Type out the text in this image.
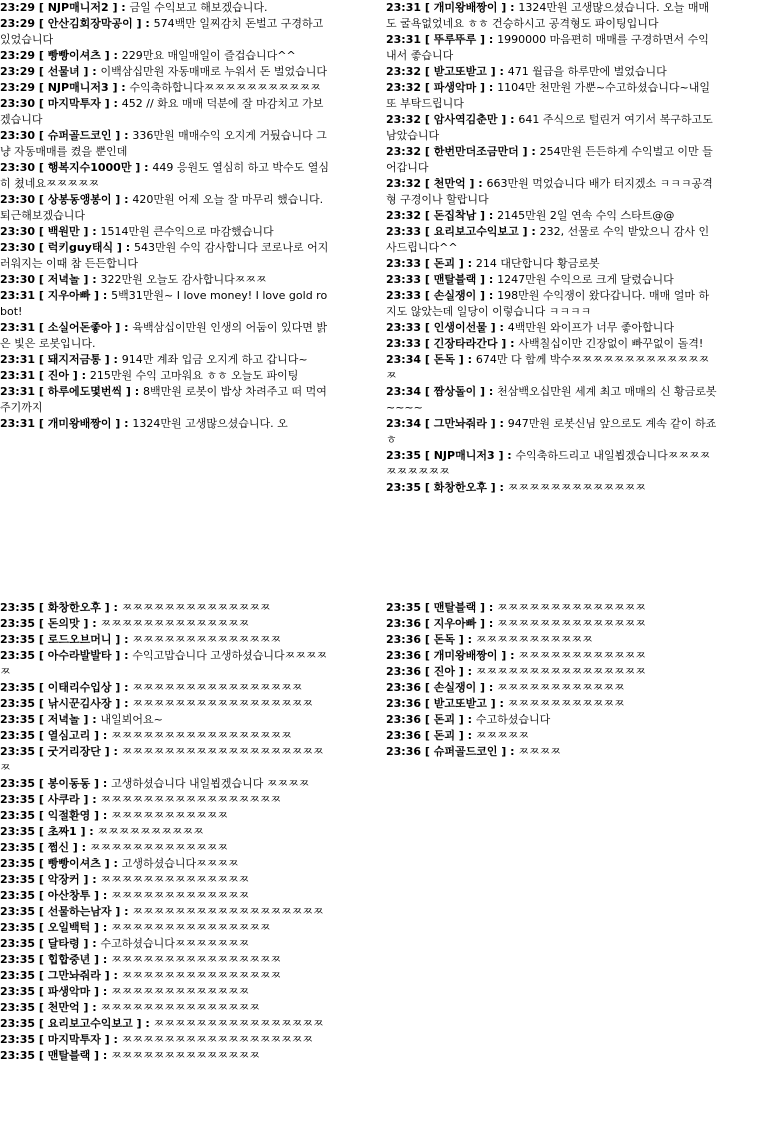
23:29 [ NJP매니저2 ] : 금일 수익보고 해보겠습니다.

23:29 [ 안산김회장막공이 ] : 574백만 일찌감치 돈벌고 구경하고 있었습니다

23:29 [ 빵빵이셔츠 ] : 229만요 매일매일이 즐겁습니다^^

23:29 [ 선물녀 ] : 이백삼십만원 자동매매로 누워서 돈 벌었습니다

23:29 [ NJP매니저3 ] : 수익축하합니다ㅉㅉㅉㅉㅉㅉㅉㅉㅉㅉㅉ

23:30 [ 마지막투자 ] : 452 // 화요 매매 덕분에 잘 마감치고 가보겠습니다

23:30 [ 슈퍼골드코인 ] : 336만원 매매수익 오지게 거뒀습니다 그냥 자동매매를 켰을 뿐인데

23:30 [ 행복지수1000만 ] : 449 응원도 열심히 하고 박수도 열심히 쳤네요ㅉㅉㅉㅉㅉ

23:30 [ 상봉동앵봉이 ] : 420만원 어제 오늘 잘 마무리 했습니다. 퇴근해보겠습니다

23:30 [ 백원만 ] : 1514만원 큰수익으로 마감했습니다

23:30 [ 럭키guy태식 ] : 543만원 수익 감사합니다 코로나로 어지러워지는 이때 참 든든합니다

23:30 [ 저녁놀 ] : 322만원 오늘도 감사합니다ㅉㅉㅉ

23:31 [ 지우아빠 ] : 5백31만원~ I love money! I love gold robot!

23:31 [ 소실어돈좋아 ] : 육백삼십이만원 인생의 어둠이 있다면 밝은 빛은 로봇입니다.

23:31 [ 돼지저금통 ] : 914만 계좌 입금 오지게 하고 갑니다~

23:31 [ 진아 ] : 215만원 수익 고마워요 ㅎㅎ 오늘도 파이팅

23:31 [ 하루에도몇번씩 ] : 8백만원 로봇이 밥상 차려주고 떠 먹여 주기까지

23:31 [ 개미왕배짱이 ] : 1324만원 고생많으셨습니다. 오

23:31 [ 개미왕배짱이 ] : 1324만원 고생많으셨습니다. 오늘 매매도 굴욕없었네요 ㅎㅎ 건승하시고 공격형도 파이팅입니다

23:31 [ 뚜루뚜루 ] : 1990000 마음편히 매매를 구경하면서 수익내서 좋습니다

23:32 [ 받고또받고 ] : 471 월급을 하루만에 벌었습니다

23:32 [ 파생악마 ] : 1104만 천만원 가뿐~수고하셨습니다~내일 또 부탁드립니다

23:32 [ 암사역김춘만 ] : 641 주식으로 털린거 여기서 복구하고도 남았습니다

23:32 [ 한번만더조금만더 ] : 254만원 든든하게 수익벌고 이만 들어갑니다

23:32 [ 천만억 ] : 663만원 먹었습니다 배가 터지겠소 ㅋㅋㅋ공격형 구경이나 할랍니다

23:32 [ 돈집착남 ] : 2145만원 2일 연속 수익 스타트@@

23:33 [ 요리보고수익보고 ] : 232, 선물로 수익 받았으니 감사 인사드립니다^^

23:33 [ 돈괴 ] : 214 대단합니다 황금로봇

23:33 [ 맨탈블랙 ] : 1247만원 수익으로 크게 달렸습니다

23:33 [ 손실쟁이 ] : 198만원 수익쟁이 왔다갑니다. 매매 얼마 하지도 않았는데 일당이 이렇습니다 ㅋㅋㅋㅋ

23:33 [ 인생이선물 ] : 4백만원 와이프가 너무 좋아합니다

23:33 [ 긴장타라간다 ] : 사백칠십이만 긴장없이 빠꾸없이 돌격!

23:34 [ 돈독 ] : 674만 다 함께 박수ㅉㅉㅉㅉㅉㅉㅉㅉㅉㅉㅉㅉㅉㅉ

23:34 [ 짬상돌이 ] : 천삼백오십만원 세계 최고 매매의 신 황금로봇~~~~

23:34 [ 그만놔줘라 ] : 947만원 로봇신님 앞으로도 계속 같이 하죠ㅎ

23:35 [ NJP매니저3 ] : 수익축하드리고 내일뵙겠습니다ㅉㅉㅉㅉㅉㅉㅉㅉㅉㅉ

23:35 [ 화창한오후 ] : ㅉㅉㅉㅉㅉㅉㅉㅉㅉㅉㅉㅉㅉ

23:35 [ 화창한오후 ] : ㅉㅉㅉㅉㅉㅉㅉㅉㅉㅉㅉㅉㅉㅉ

23:35 [ 돈의맛 ] : ㅉㅉㅉㅉㅉㅉㅉㅉㅉㅉㅉㅉㅉㅉ

23:35 [ 로드오브머니 ] : ㅉㅉㅉㅉㅉㅉㅉㅉㅉㅉㅉㅉㅉㅉ

23:35 [ 아수라발발타 ] : 수익고맙습니다 고생하셨습니다ㅉㅉㅉㅉㅉ

23:35 [ 이태리수입상 ] : ㅉㅉㅉㅉㅉㅉㅉㅉㅉㅉㅉㅉㅉㅉㅉㅉ

23:35 [ 낚시꾼김사장 ] : ㅉㅉㅉㅉㅉㅉㅉㅉㅉㅉㅉㅉㅉㅉㅉㅉㅉ

23:35 [ 저녁놀 ] : 내일뵈어요~

23:35 [ 열심고리 ] : ㅉㅉㅉㅉㅉㅉㅉㅉㅉㅉㅉㅉㅉㅉㅉㅉㅉ

23:35 [ 굿거리장단 ] : ㅉㅉㅉㅉㅉㅉㅉㅉㅉㅉㅉㅉㅉㅉㅉㅉㅉㅉㅉㅉ

23:35 [ 봉이동동 ] : 고생하셨습니다 내일뵙겠습니다 ㅉㅉㅉㅉ

23:35 [ 사쿠라 ] : ㅉㅉㅉㅉㅉㅉㅉㅉㅉㅉㅉㅉㅉㅉㅉㅉㅉ

23:35 [ 익절환영 ] : ㅉㅉㅉㅉㅉㅉㅉㅉㅉㅉㅉ

23:35 [ 초짜1 ] : ㅉㅉㅉㅉㅉㅉㅉㅉㅉㅉ

23:35 [ 쩜신 ] : ㅉㅉㅉㅉㅉㅉㅉㅉㅉㅉㅉㅉㅉ

23:35 [ 빵빵이셔츠 ] : 고생하셨습니다ㅉㅉㅉㅉ

23:35 [ 악장커 ] : ㅉㅉㅉㅉㅉㅉㅉㅉㅉㅉㅉㅉㅉㅉ

23:35 [ 아산창투 ] : ㅉㅉㅉㅉㅉㅉㅉㅉㅉㅉㅉㅉㅉ

23:35 [ 선물하는남자 ] : ㅉㅉㅉㅉㅉㅉㅉㅉㅉㅉㅉㅉㅉㅉㅉㅉㅉㅉ

23:35 [ 오일백턱 ] : ㅉㅉㅉㅉㅉㅉㅉㅉㅉㅉㅉㅉㅉㅉㅉ

23:35 [ 달타령 ] : 수고하셨습니다ㅉㅉㅉㅉㅉㅉㅉ

23:35 [ 힙합중년 ] : ㅉㅉㅉㅉㅉㅉㅉㅉㅉㅉㅉㅉㅉㅉㅉㅉ

23:35 [ 그만놔줘라 ] : ㅉㅉㅉㅉㅉㅉㅉㅉㅉㅉㅉㅉㅉㅉㅉ

23:35 [ 파생악마 ] : ㅉㅉㅉㅉㅉㅉㅉㅉㅉㅉㅉㅉㅉ

23:35 [ 천만억 ] : ㅉㅉㅉㅉㅉㅉㅉㅉㅉㅉㅉㅉㅉㅉㅉ

23:35 [ 요리보고수익보고 ] : ㅉㅉㅉㅉㅉㅉㅉㅉㅉㅉㅉㅉㅉㅉㅉㅉ

23:35 [ 마지막투자 ] : ㅉㅉㅉㅉㅉㅉㅉㅉㅉㅉㅉㅉㅉㅉㅉㅉㅉㅉ

23:35 [ 맨탈블랙 ] : ㅉㅉㅉㅉㅉㅉㅉㅉㅉㅉㅉㅉㅉㅉ

23:35 [ 맨탈블랙 ] : ㅉㅉㅉㅉㅉㅉㅉㅉㅉㅉㅉㅉㅉㅉ

23:36 [ 지우아빠 ] : ㅉㅉㅉㅉㅉㅉㅉㅉㅉㅉㅉㅉㅉㅉ

23:36 [ 돈독 ] : ㅉㅉㅉㅉㅉㅉㅉㅉㅉㅉㅉ

23:36 [ 개미왕배짱이 ] : ㅉㅉㅉㅉㅉㅉㅉㅉㅉㅉㅉㅉ

23:36 [ 진아 ] : ㅉㅉㅉㅉㅉㅉㅉㅉㅉㅉㅉㅉㅉㅉㅉㅉ

23:36 [ 손실쟁이 ] : ㅉㅉㅉㅉㅉㅉㅉㅉㅉㅉㅉㅉ

23:36 [ 받고또받고 ] : ㅉㅉㅉㅉㅉㅉㅉㅉㅉㅉㅉ

23:36 [ 돈괴 ] : 수고하셨습니다

23:36 [ 돈괴 ] : ㅉㅉㅉㅉㅉ

23:36 [ 슈퍼골드코인 ] : ㅉㅉㅉㅉ
